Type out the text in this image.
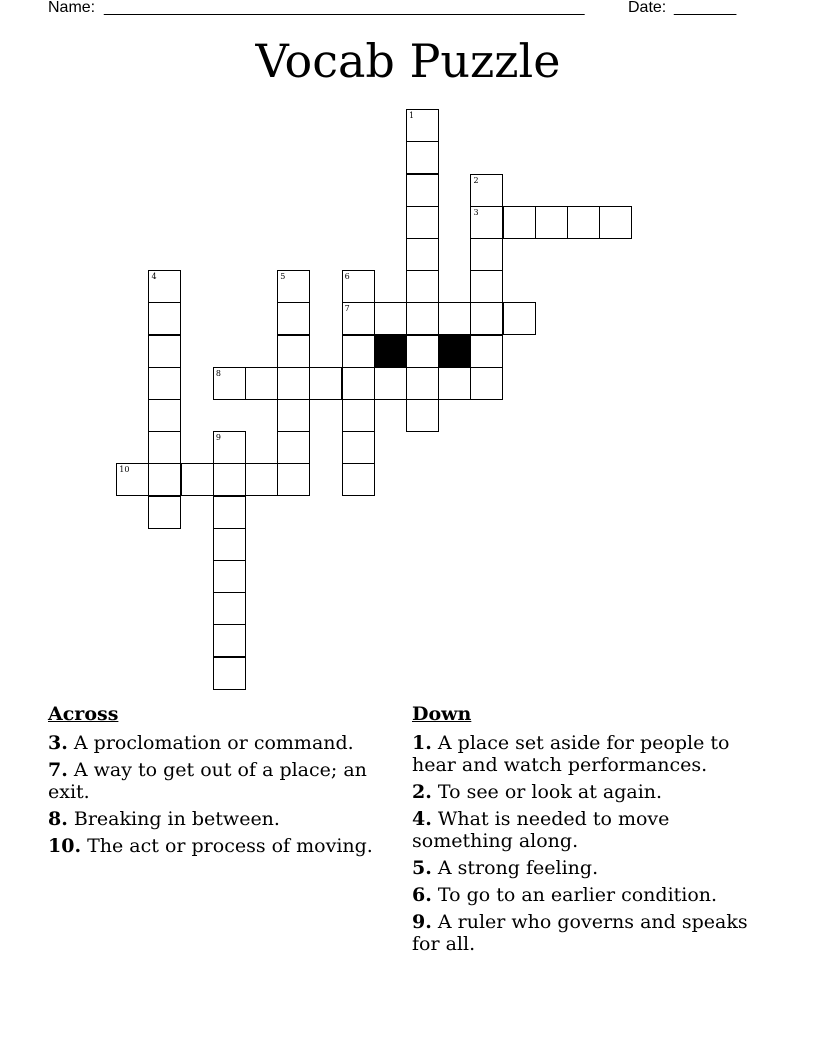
Name: ______________________________________________________	Date: _______
Vocab Puzzle
1
2
3
4	5	6
7
8
9
10
Across
3. A proclomation or command.
7. A way to get out of a place; an exit.
8. Breaking in between.
10. The act or process of moving.
Down
1. A place set aside for people to hear and watch performances.
2. To see or look at again.
4. What is needed to move something along.
5. A strong feeling.
6. To go to an earlier condition.
9. A ruler who governs and speaks for all.
